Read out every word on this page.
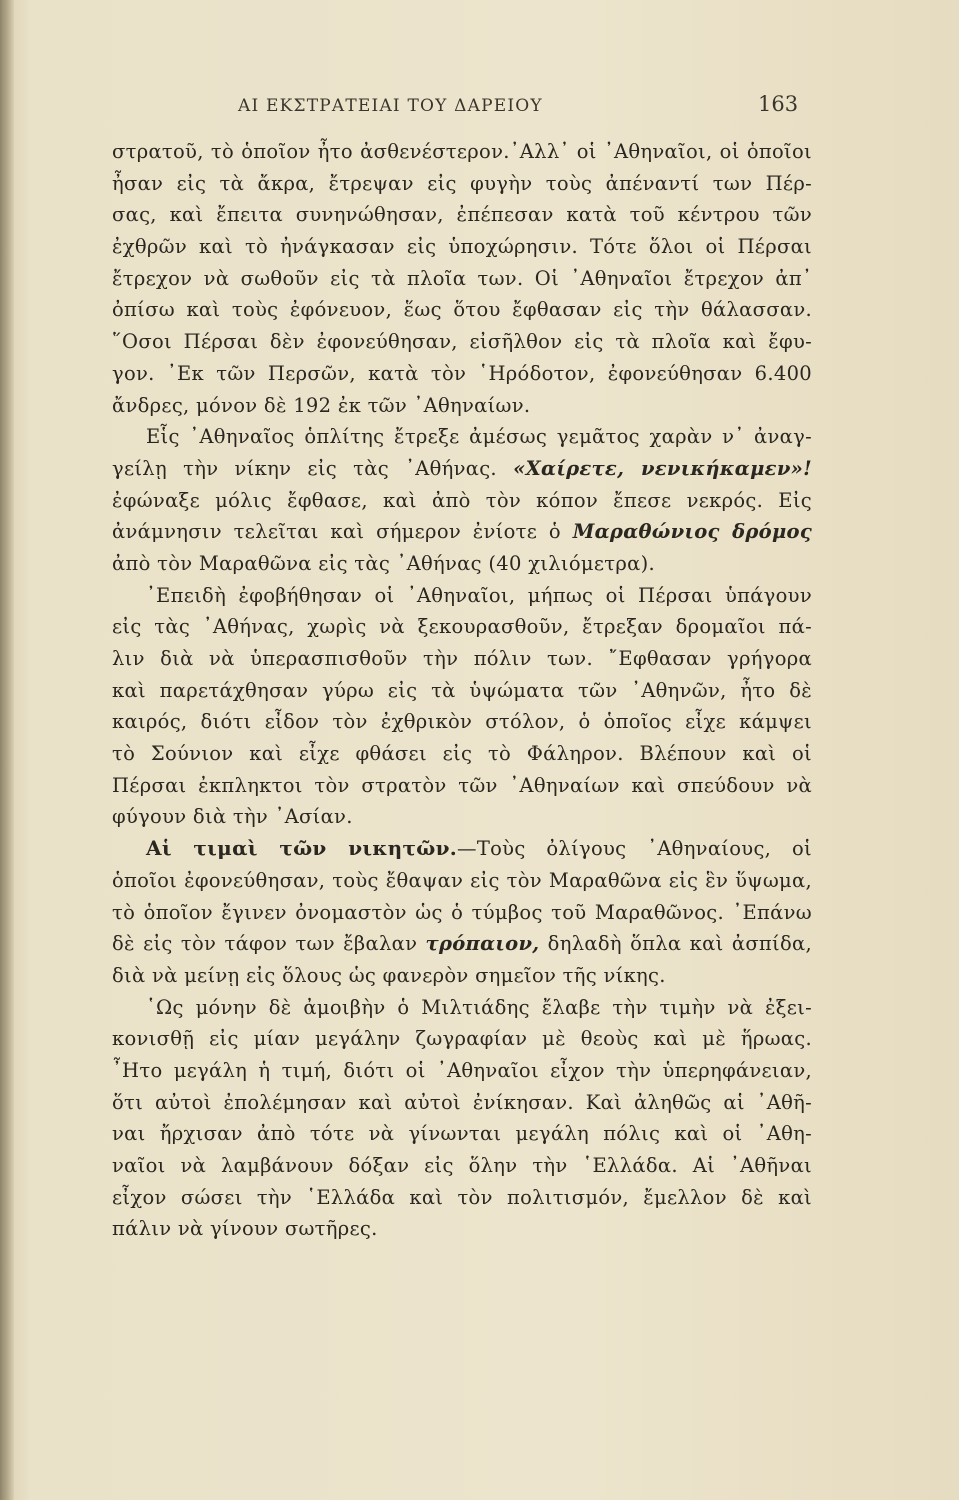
ΑΙ ΕΚΣΤΡΑΤΕΙΑΙ ΤΟΥ ΔΑΡΕΙΟΥ	163
στρατοῦ, τὸ ὁποῖον ἦτο ἀσθενέστερον.᾿Αλλ᾿ οἱ ᾿Αθηναῖοι, οἱ ὁποῖοι
ἦσαν εἰς τὰ ἄκρα, ἔτρεψαν εἰς φυγὴν τοὺς ἀπέναντί των Πέρ-
σας, καὶ ἔπειτα συνηνώθησαν, ἐπέπεσαν κατὰ τοῦ κέντρου τῶν
ἐχθρῶν καὶ τὸ ἠνάγκασαν εἰς ὑποχώρησιν. Τότε ὅλοι οἱ Πέρσαι
ἔτρεχον νὰ σωθοῦν εἰς τὰ πλοῖα των. Οἱ ᾿Αθηναῖοι ἔτρεχον ἀπ᾿
ὀπίσω καὶ τοὺς ἐφόνευον, ἕως ὅτου ἔφθασαν εἰς τὴν θάλασσαν.
῞Οσοι Πέρσαι δὲν ἐφονεύθησαν, εἰσῆλθον εἰς τὰ πλοῖα καὶ ἔφυ-
γον. ᾿Εκ τῶν Περσῶν, κατὰ τὸν ῾Ηρόδοτον, ἐφονεύθησαν 6.400
ἄνδρες, μόνον δὲ 192 ἐκ τῶν ᾿Αθηναίων.
Εἷς ᾿Αθηναῖος ὁπλίτης ἔτρεξε ἀμέσως γεμᾶτος χαρὰν ν᾿ ἀναγ-
γείλῃ τὴν νίκην εἰς τὰς ᾿Αθήνας. «Χαίρετε, νενικήκαμεν»!
ἐφώναξε μόλις ἔφθασε, καὶ ἀπὸ τὸν κόπον ἔπεσε νεκρός. Εἰς
ἀνάμνησιν τελεῖται καὶ σήμερον ἐνίοτε ὁ Μαραθώνιος δρόμος
ἀπὸ τὸν Μαραθῶνα εἰς τὰς ᾿Αθήνας (40 χιλιόμετρα).
᾿Επειδὴ ἐφοβήθησαν οἱ ᾿Αθηναῖοι, μήπως οἱ Πέρσαι ὑπάγουν
εἰς τὰς ᾿Αθήνας, χωρὶς νὰ ξεκουρασθοῦν, ἔτρεξαν δρομαῖοι πά-
λιν διὰ νὰ ὑπερασπισθοῦν τὴν πόλιν των. ῎Εφθασαν γρήγορα
καὶ παρετάχθησαν γύρω εἰς τὰ ὑψώματα τῶν ᾿Αθηνῶν, ἦτο δὲ
καιρός, διότι εἶδον τὸν ἐχθρικὸν στόλον, ὁ ὁποῖος εἶχε κάμψει
τὸ Σούνιον καὶ εἶχε φθάσει εἰς τὸ Φάληρον. Βλέπουν καὶ οἱ
Πέρσαι ἐκπληκτοι τὸν στρατὸν τῶν ᾿Αθηναίων καὶ σπεύδουν νὰ
φύγουν διὰ τὴν ᾿Ασίαν.
Αἱ τιμαὶ τῶν νικητῶν.—Τοὺς ὀλίγους ᾿Αθηναίους, οἱ
ὁποῖοι ἐφονεύθησαν, τοὺς ἔθαψαν εἰς τὸν Μαραθῶνα εἰς ἓν ὕψωμα,
τὸ ὁποῖον ἔγινεν ὀνομαστὸν ὡς ὁ τύμβος τοῦ Μαραθῶνος. ᾿Επάνω
δὲ εἰς τὸν τάφον των ἔβαλαν τρόπαιον, δηλαδὴ ὅπλα καὶ ἀσπίδα,
διὰ νὰ μείνῃ εἰς ὅλους ὡς φανερὸν σημεῖον τῆς νίκης.
῾Ως μόνην δὲ ἀμοιβὴν ὁ Μιλτιάδης ἔλαβε τὴν τιμὴν νὰ ἐξει-
κονισθῇ εἰς μίαν μεγάλην ζωγραφίαν μὲ θεοὺς καὶ μὲ ἥρωας.
῏Ητο μεγάλη ἡ τιμή, διότι οἱ ᾿Αθηναῖοι εἶχον τὴν ὑπερηφάνειαν,
ὅτι αὐτοὶ ἐπολέμησαν καὶ αὐτοὶ ἐνίκησαν. Καὶ ἀληθῶς αἱ ᾿Αθῆ-
ναι ἤρχισαν ἀπὸ τότε νὰ γίνωνται μεγάλη πόλις καὶ οἱ ᾿Αθη-
ναῖοι νὰ λαμβάνουν δόξαν εἰς ὅλην τὴν ῾Ελλάδα. Αἱ ᾿Αθῆναι
εἶχον σώσει τὴν ῾Ελλάδα καὶ τὸν πολιτισμόν, ἔμελλον δὲ καὶ
πάλιν νὰ γίνουν σωτῆρες.
